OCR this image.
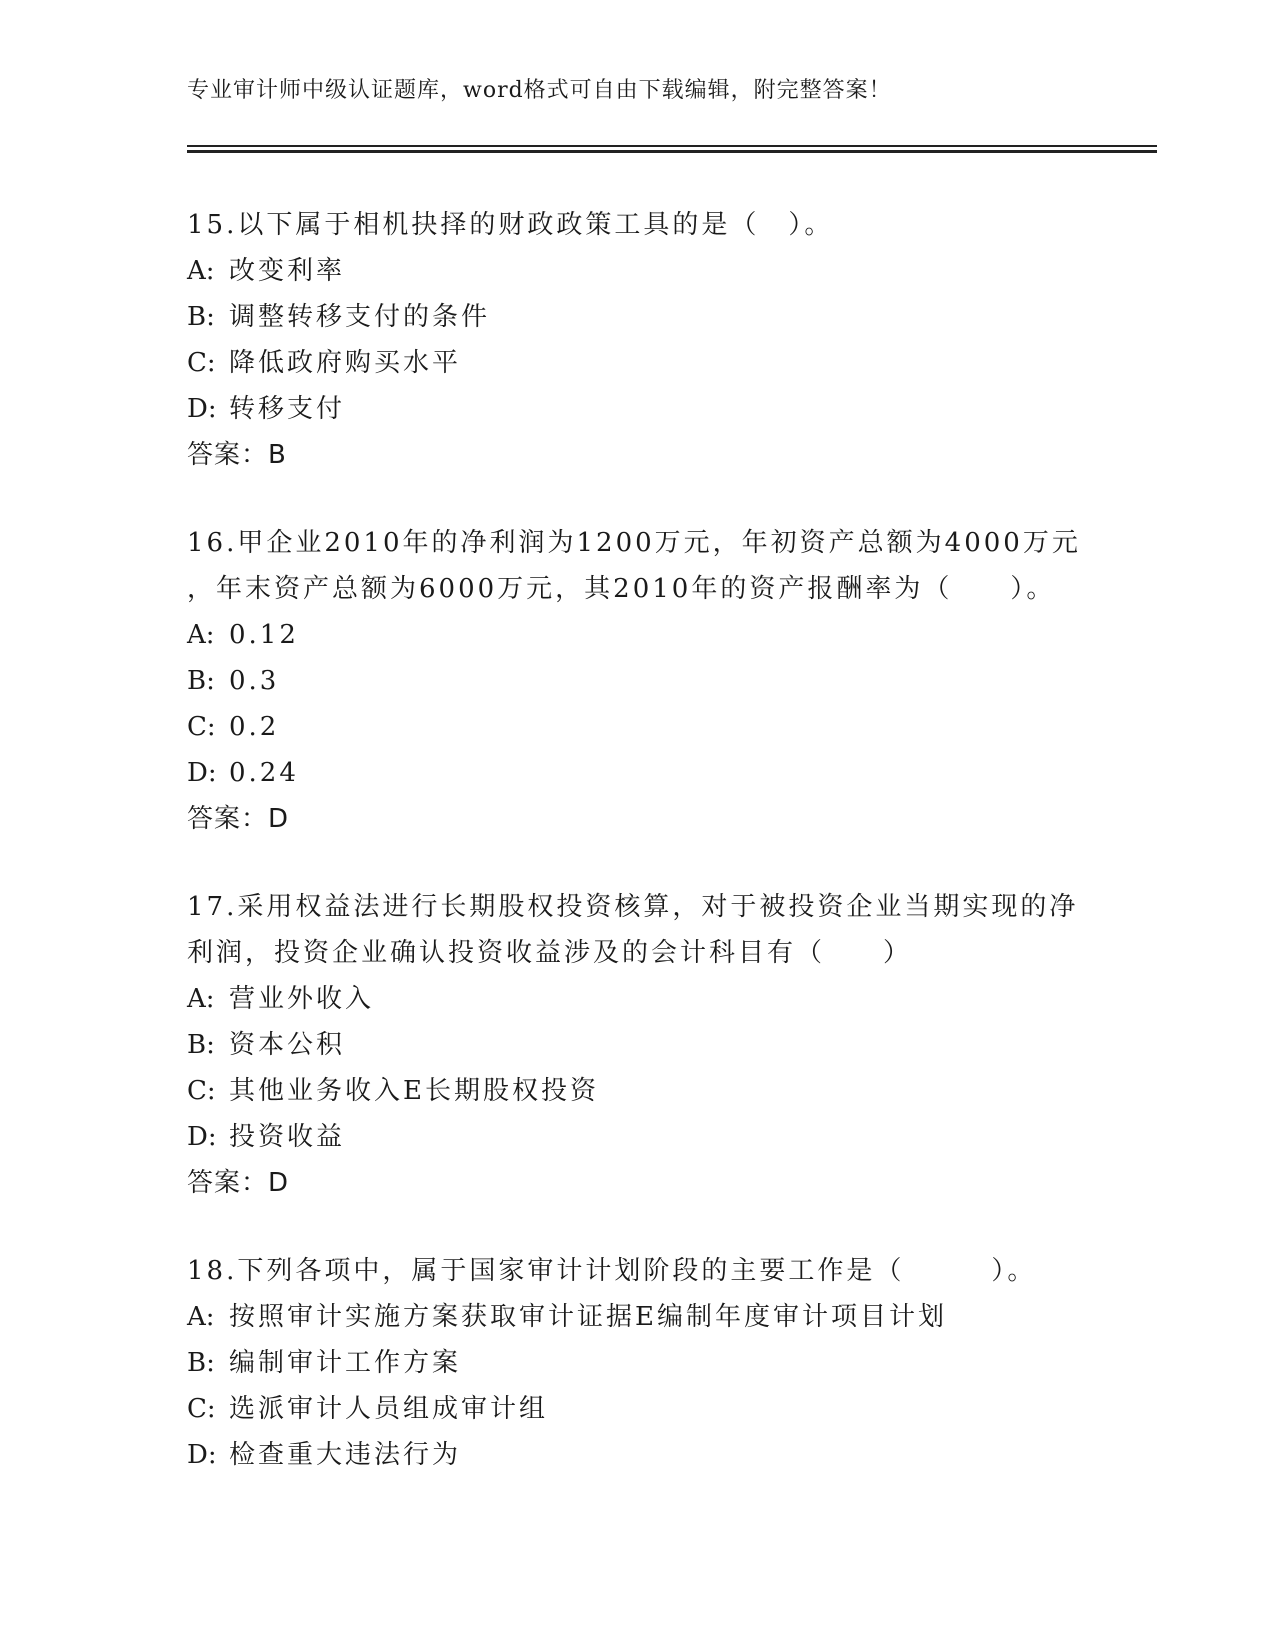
专业审计师中级认证题库，word格式可自由下载编辑，附完整答案！
15.以下属于相机抉择的财政政策工具的是（　）。
A: 改变利率
B: 调整转移支付的条件
C: 降低政府购买水平
D: 转移支付
答案：B
16.甲企业2010年的净利润为1200万元，年初资产总额为4000万元
，年末资产总额为6000万元，其2010年的资产报酬率为（　　）。
A: 0.12
B: 0.3
C: 0.2
D: 0.24
答案：D
17.采用权益法进行长期股权投资核算，对于被投资企业当期实现的净
利润，投资企业确认投资收益涉及的会计科目有（　　）
A: 营业外收入
B: 资本公积
C: 其他业务收入E长期股权投资
D: 投资收益
答案：D
18.下列各项中，属于国家审计计划阶段的主要工作是（　　　）。
A: 按照审计实施方案获取审计证据E编制年度审计项目计划
B: 编制审计工作方案
C: 选派审计人员组成审计组
D: 检查重大违法行为
